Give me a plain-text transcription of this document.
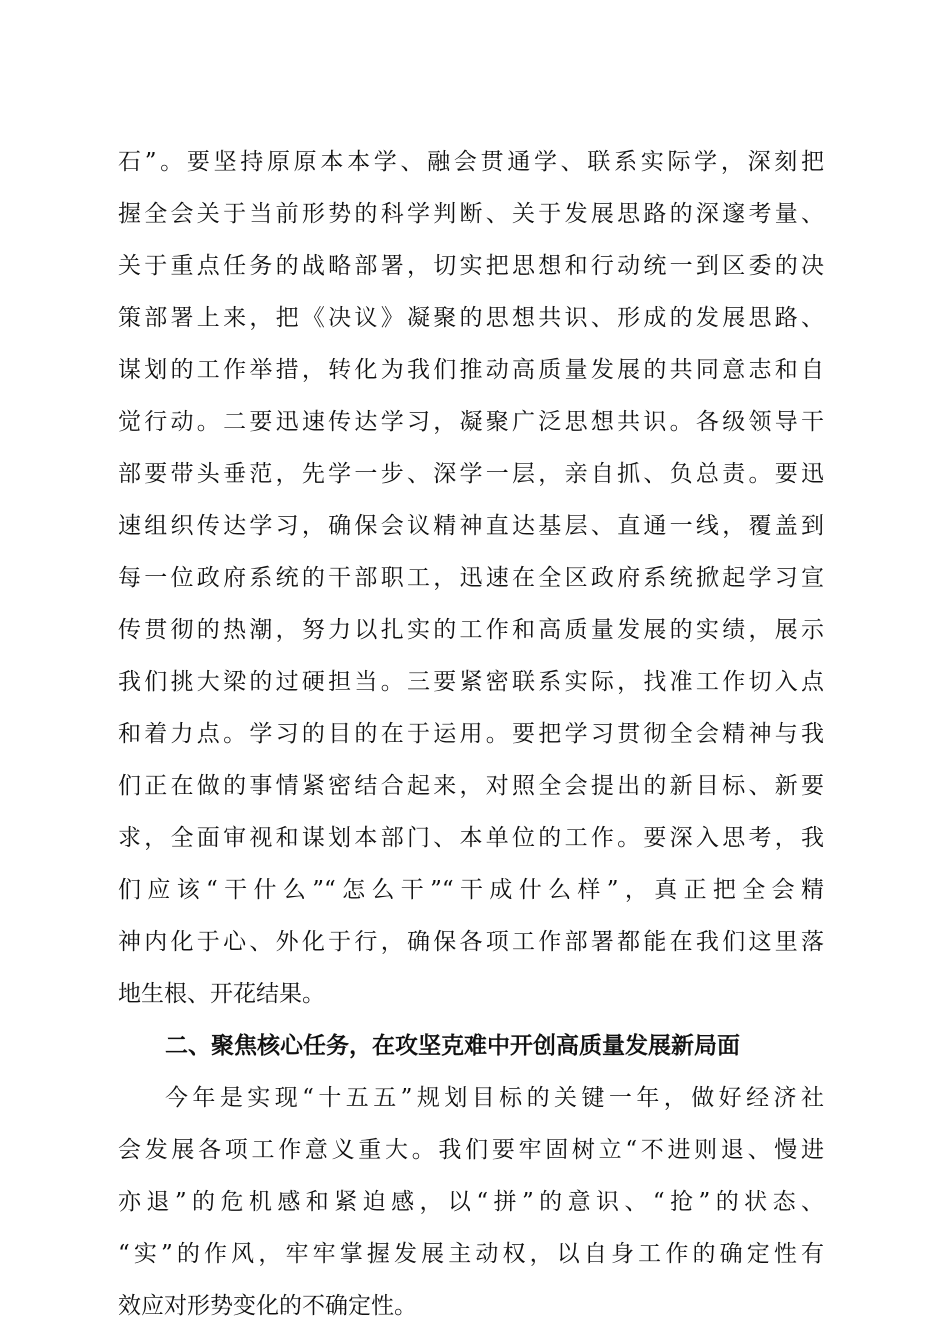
石”。要坚持原原本本学、融会贯通学、联系实际学，深刻把
握全会关于当前形势的科学判断、关于发展思路的深邃考量、
关于重点任务的战略部署，切实把思想和行动统一到区委的决
策部署上来，把《决议》凝聚的思想共识、形成的发展思路、
谋划的工作举措，转化为我们推动高质量发展的共同意志和自
觉行动。二要迅速传达学习，凝聚广泛思想共识。各级领导干
部要带头垂范，先学一步、深学一层，亲自抓、负总责。要迅
速组织传达学习，确保会议精神直达基层、直通一线，覆盖到
每一位政府系统的干部职工，迅速在全区政府系统掀起学习宣
传贯彻的热潮，努力以扎实的工作和高质量发展的实绩，展示
我们挑大梁的过硬担当。三要紧密联系实际，找准工作切入点
和着力点。学习的目的在于运用。要把学习贯彻全会精神与我
们正在做的事情紧密结合起来，对照全会提出的新目标、新要
求，全面审视和谋划本部门、本单位的工作。要深入思考，我
们应该“干什么”“怎么干”“干成什么样”，真正把全会精
神内化于心、外化于行，确保各项工作部署都能在我们这里落
地生根、开花结果。
二、聚焦核心任务，在攻坚克难中开创高质量发展新局面
今年是实现“十五五”规划目标的关键一年，做好经济社
会发展各项工作意义重大。我们要牢固树立“不进则退、慢进
亦退”的危机感和紧迫感，以“拼”的意识、“抢”的状态、
“实”的作风，牢牢掌握发展主动权，以自身工作的确定性有
效应对形势变化的不确定性。
